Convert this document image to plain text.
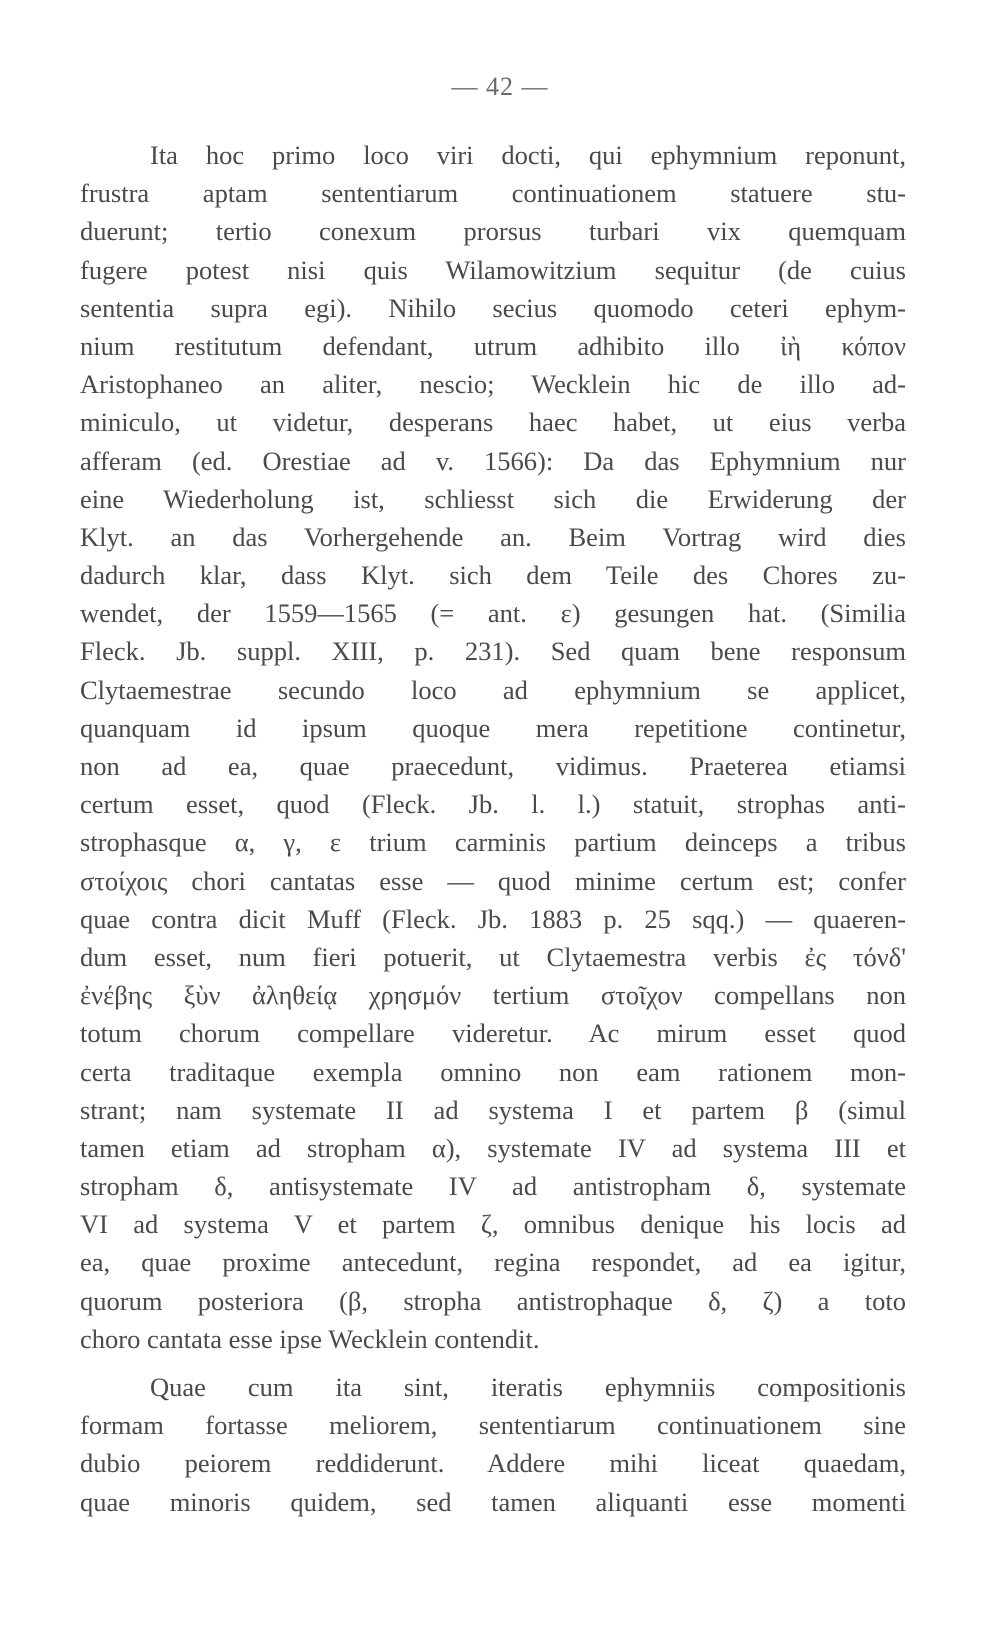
— 42 —
Ita hoc primo loco viri docti, qui ephymnium reponunt,
frustra aptam sententiarum continuationem statuere stu-
duerunt; tertio conexum prorsus turbari vix quemquam
fugere potest nisi quis Wilamowitzium sequitur (de cuius
sententia supra egi). Nihilo secius quomodo ceteri ephym-
nium restitutum defendant, utrum adhibito illo ἰὴ κόπον
Aristophaneo an aliter, nescio; Wecklein hic de illo ad-
miniculo, ut videtur, desperans haec habet, ut eius verba
afferam (ed. Orestiae ad v. 1566): Da das Ephymnium nur
eine Wiederholung ist, schliesst sich die Erwiderung der
Klyt. an das Vorhergehende an. Beim Vortrag wird dies
dadurch klar, dass Klyt. sich dem Teile des Chores zu-
wendet, der 1559—1565 (= ant. ε) gesungen hat. (Similia
Fleck. Jb. suppl. XIII, p. 231). Sed quam bene responsum
Clytaemestrae secundo loco ad ephymnium se applicet,
quanquam id ipsum quoque mera repetitione continetur,
non ad ea, quae praecedunt, vidimus. Praeterea etiamsi
certum esset, quod (Fleck. Jb. l. l.) statuit, strophas anti-
strophasque α, γ, ε trium carminis partium deinceps a tribus
στοίχοις chori cantatas esse — quod minime certum est; confer
quae contra dicit Muff (Fleck. Jb. 1883 p. 25 sqq.) — quaeren-
dum esset, num fieri potuerit, ut Clytaemestra verbis ἐς τόνδ'
ἐνέβης ξὺν ἀληθείᾳ χρησμόν tertium στοῖχον compellans non
totum chorum compellare videretur. Ac mirum esset quod
certa traditaque exempla omnino non eam rationem mon-
strant; nam systemate II ad systema I et partem β (simul
tamen etiam ad stropham α), systemate IV ad systema III et
stropham δ, antisystemate IV ad antistropham δ, systemate
VI ad systema V et partem ζ, omnibus denique his locis ad
ea, quae proxime antecedunt, regina respondet, ad ea igitur,
quorum posteriora (β, stropha antistrophaque δ, ζ) a toto
choro cantata esse ipse Wecklein contendit.
Quae cum ita sint, iteratis ephymniis compositionis
formam fortasse meliorem, sententiarum continuationem sine
dubio peiorem reddiderunt. Addere mihi liceat quaedam,
quae minoris quidem, sed tamen aliquanti esse momenti
